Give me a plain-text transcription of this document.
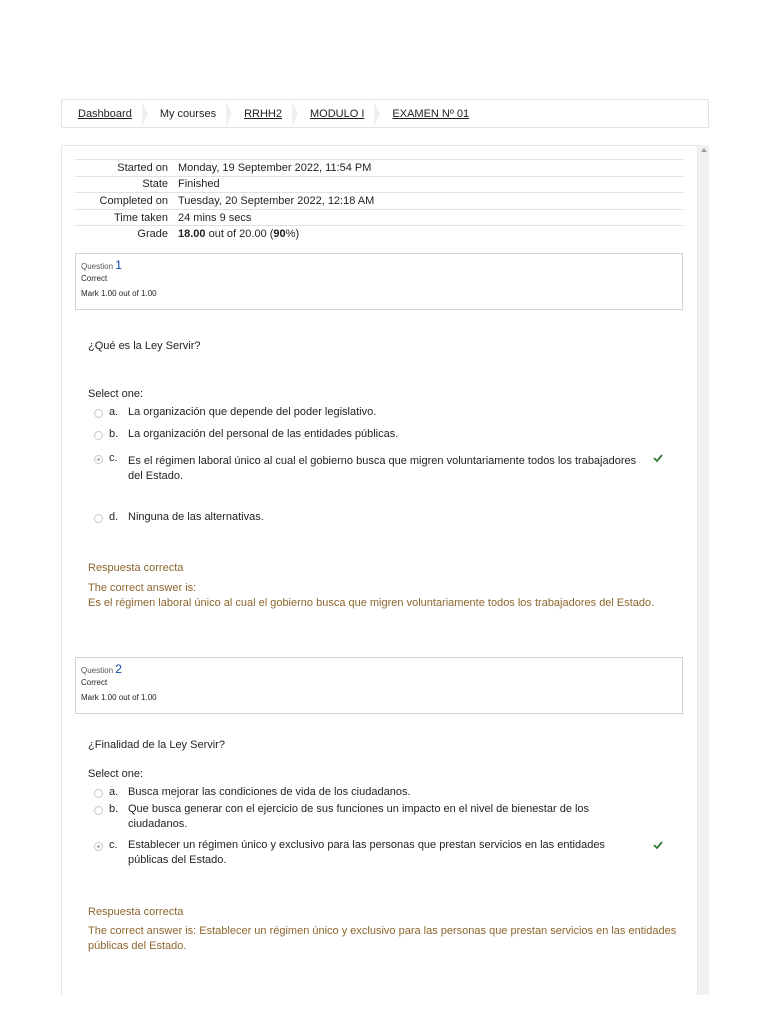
Dashboard	My courses	RRHH2	MODULO I	EXAMEN Nº 01
Started on	Monday, 19 September 2022, 11:54 PM
State	Finished
Completed on	Tuesday, 20 September 2022, 12:18 AM
Time taken	24 mins 9 secs
Grade	18.00 out of 20.00 (90%)
Question 1
Correct
Mark 1.00 out of 1.00
¿Qué es la Ley Servir?
Select one:
a. La organización que depende del poder legislativo.
b. La organización del personal de las entidades públicas.
c. Es el régimen laboral único al cual el gobierno busca que migren voluntariamente todos los trabajadores del Estado.
d. Ninguna de las alternativas.
Respuesta correcta
The correct answer is:
Es el régimen laboral único al cual el gobierno busca que migren voluntariamente todos los trabajadores del Estado.
Question 2
Correct
Mark 1.00 out of 1.00
¿Finalidad de la Ley Servir?
Select one:
a. Busca mejorar las condiciones de vida de los ciudadanos.
b. Que busca generar con el ejercicio de sus funciones un impacto en el nivel de bienestar de los ciudadanos.
c. Establecer un régimen único y exclusivo para las personas que prestan servicios en las entidades públicas del Estado.
Respuesta correcta
The correct answer is: Establecer un régimen único y exclusivo para las personas que prestan servicios en las entidades públicas del Estado.
